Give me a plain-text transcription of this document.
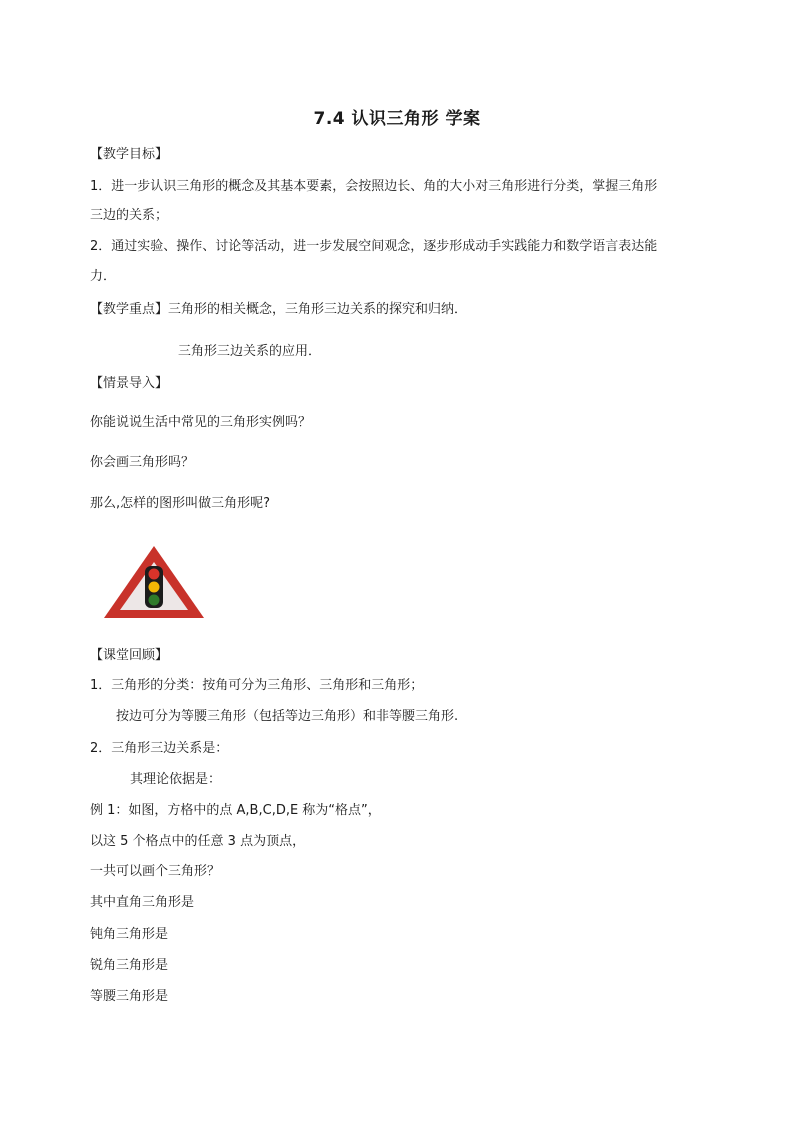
7.4 认识三角形 学案
【教学目标】
1．进一步认识三角形的概念及其基本要素，会按照边长、角的大小对三角形进行分类，掌握三角形
三边的关系；
2．通过实验、操作、讨论等活动，进一步发展空间观念，逐步形成动手实践能力和数学语言表达能
力．
【教学重点】三角形的相关概念，三角形三边关系的探究和归纳．
三角形三边关系的应用．
【情景导入】
你能说说生活中常见的三角形实例吗？
你会画三角形吗？
那么,怎样的图形叫做三角形呢?
【课堂回顾】
1．三角形的分类：按角可分为三角形、三角形和三角形；
按边可分为等腰三角形（包括等边三角形）和非等腰三角形.
2．三角形三边关系是：
其理论依据是：
例 1：如图，方格中的点 A,B,C,D,E 称为“格点”，
以这 5 个格点中的任意 3 点为顶点，
一共可以画个三角形？
其中直角三角形是
钝角三角形是
锐角三角形是
等腰三角形是
